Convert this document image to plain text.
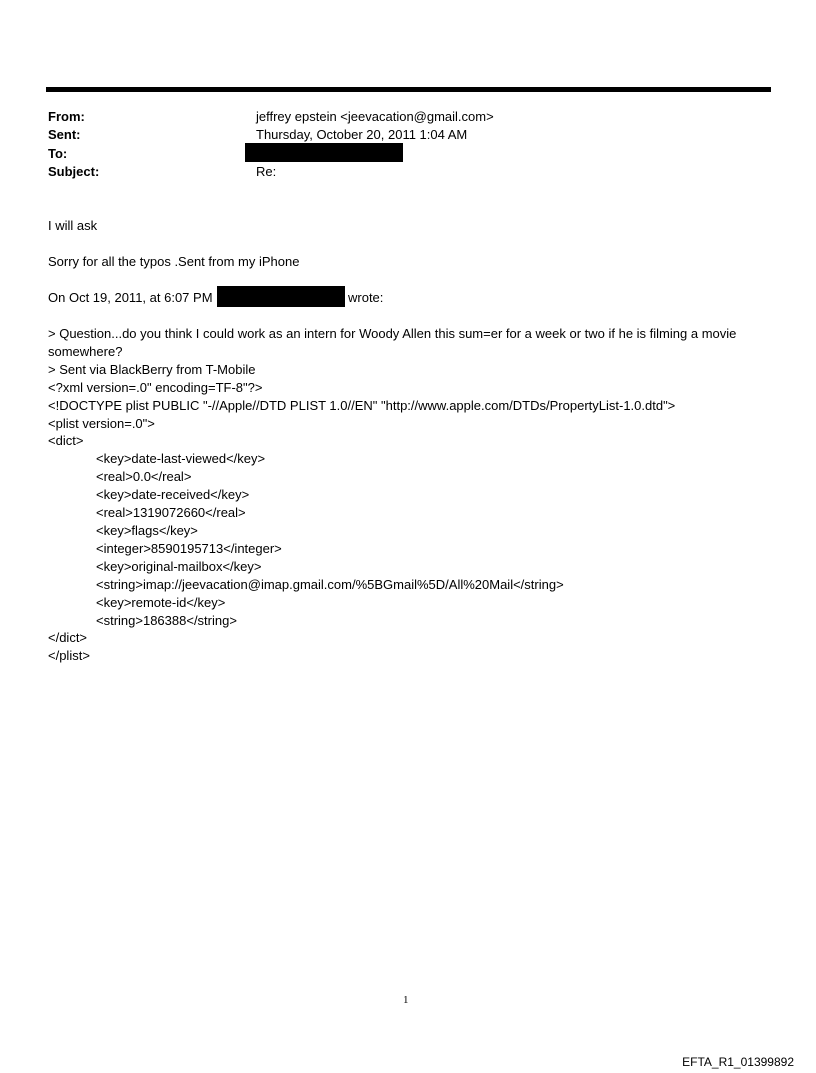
From:	jeffrey epstein <jeevacation@gmail.com>
Sent:	Thursday, October 20, 2011 1:04 AM
To:
Subject:	Re:
I will ask
Sorry for all the typos .Sent from my iPhone
On Oct 19, 2011, at 6:07 PM	wrote:
> Question...do you think I could work as an intern for Woody Allen this sum=er for a week or two if he is filming a movie somewhere?
> Sent via BlackBerry from T-Mobile
<?xml version=.0" encoding=TF-8"?>
<!DOCTYPE plist PUBLIC "-//Apple//DTD PLIST 1.0//EN" "http://www.apple.com/DTDs/PropertyList-1.0.dtd">
<plist version=.0">
<dict>
<key>date-last-viewed</key>
<real>0.0</real>
<key>date-received</key>
<real>1319072660</real>
<key>flags</key>
<integer>8590195713</integer>
<key>original-mailbox</key>
<string>imap://jeevacation@imap.gmail.com/%5BGmail%5D/All%20Mail</string>
<key>remote-id</key>
<string>186388</string>
</dict>
</plist>
1
EFTA_R1_01399892
